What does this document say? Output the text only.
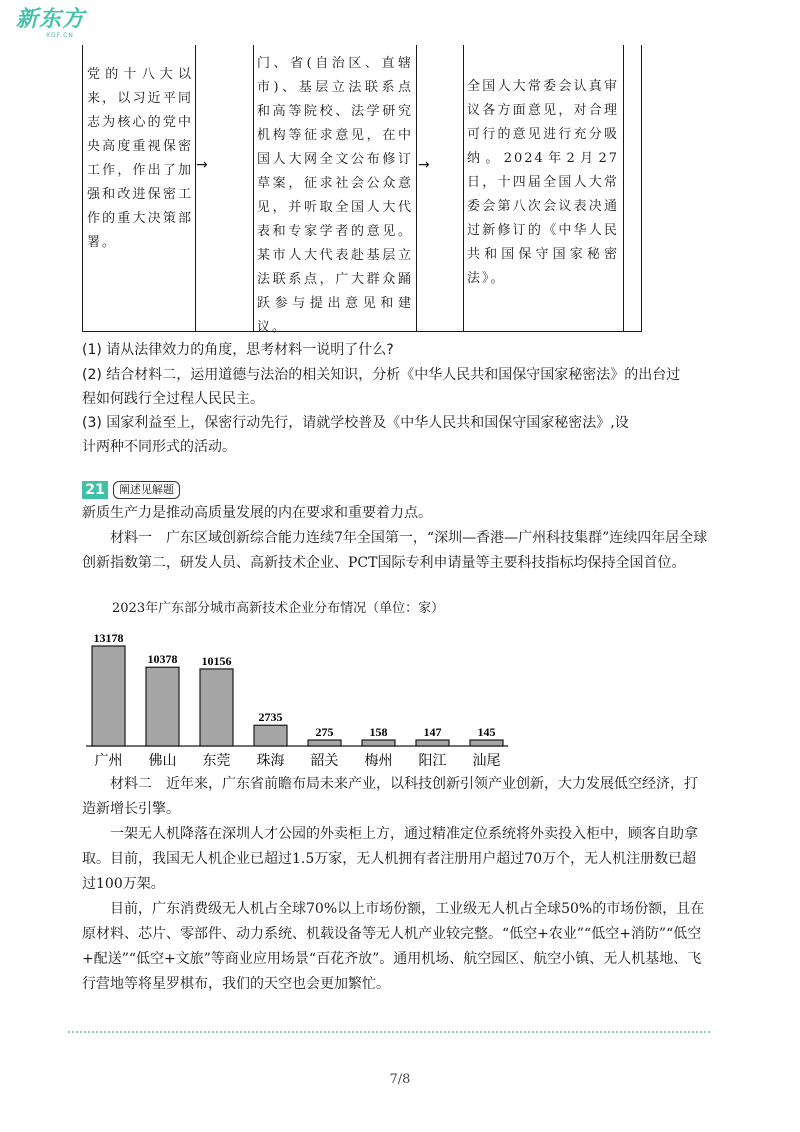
新东方
XDF.CN
党的十八大以来，以习近平同志为核心的党中央高度重视保密工作，作出了加强和改进保密工作的重大决策部署。
→
门、省(自治区、直辖市)、基层立法联系点和高等院校、法学研究机构等征求意见，在中国人大网全文公布修订草案，征求社会公众意见，并听取全国人大代表和专家学者的意见。某市人大代表赴基层立法联系点，广大群众踊跃参与提出意见和建议。
→
全国人大常委会认真审议各方面意见，对合理可行的意见进行充分吸纳。2024年2月27日，十四届全国人大常委会第八次会议表决通过新修订的《中华人民共和国保守国家秘密法》。
(1) 请从法律效力的角度，思考材料一说明了什么?
(2) 结合材料二，运用道德与法治的相关知识，分析《中华人民共和国保守国家秘密法》的出台过程如何践行全过程人民民主。
(3) 国家利益至上，保密行动先行，请就学校普及《中华人民共和国保守国家秘密法》,设计两种不同形式的活动。
21	阐述见解题
新质生产力是推动高质量发展的内在要求和重要着力点。
材料一　广东区域创新综合能力连续7年全国第一，“深圳—香港—广州科技集群”连续四年居全球创新指数第二，研发人员、高新技术企业、PCT国际专利申请量等主要科技指标均保持全国首位。
2023年广东部分城市高新技术企业分布情况（单位：家）
13178
广州
10378
佛山
10156
东莞
2735
珠海
275
韶关
158
梅州
147
阳江
145
汕尾
材料二　近年来，广东省前瞻布局未来产业，以科技创新引领产业创新，大力发展低空经济，打造新增长引擎。
一架无人机降落在深圳人才公园的外卖柜上方，通过精准定位系统将外卖投入柜中，顾客自助拿取。目前，我国无人机企业已超过1.5万家，无人机拥有者注册用户超过70万个，无人机注册数已超过100万架。
目前，广东消费级无人机占全球70%以上市场份额，工业级无人机占全球50%的市场份额，且在原材料、芯片、零部件、动力系统、机载设备等无人机产业较完整。“低空+农业”“低空+消防”“低空+配送”“低空+文旅”等商业应用场景“百花齐放”。通用机场、航空园区、航空小镇、无人机基地、飞行营地等将星罗棋布，我们的天空也会更加繁忙。
7/8
